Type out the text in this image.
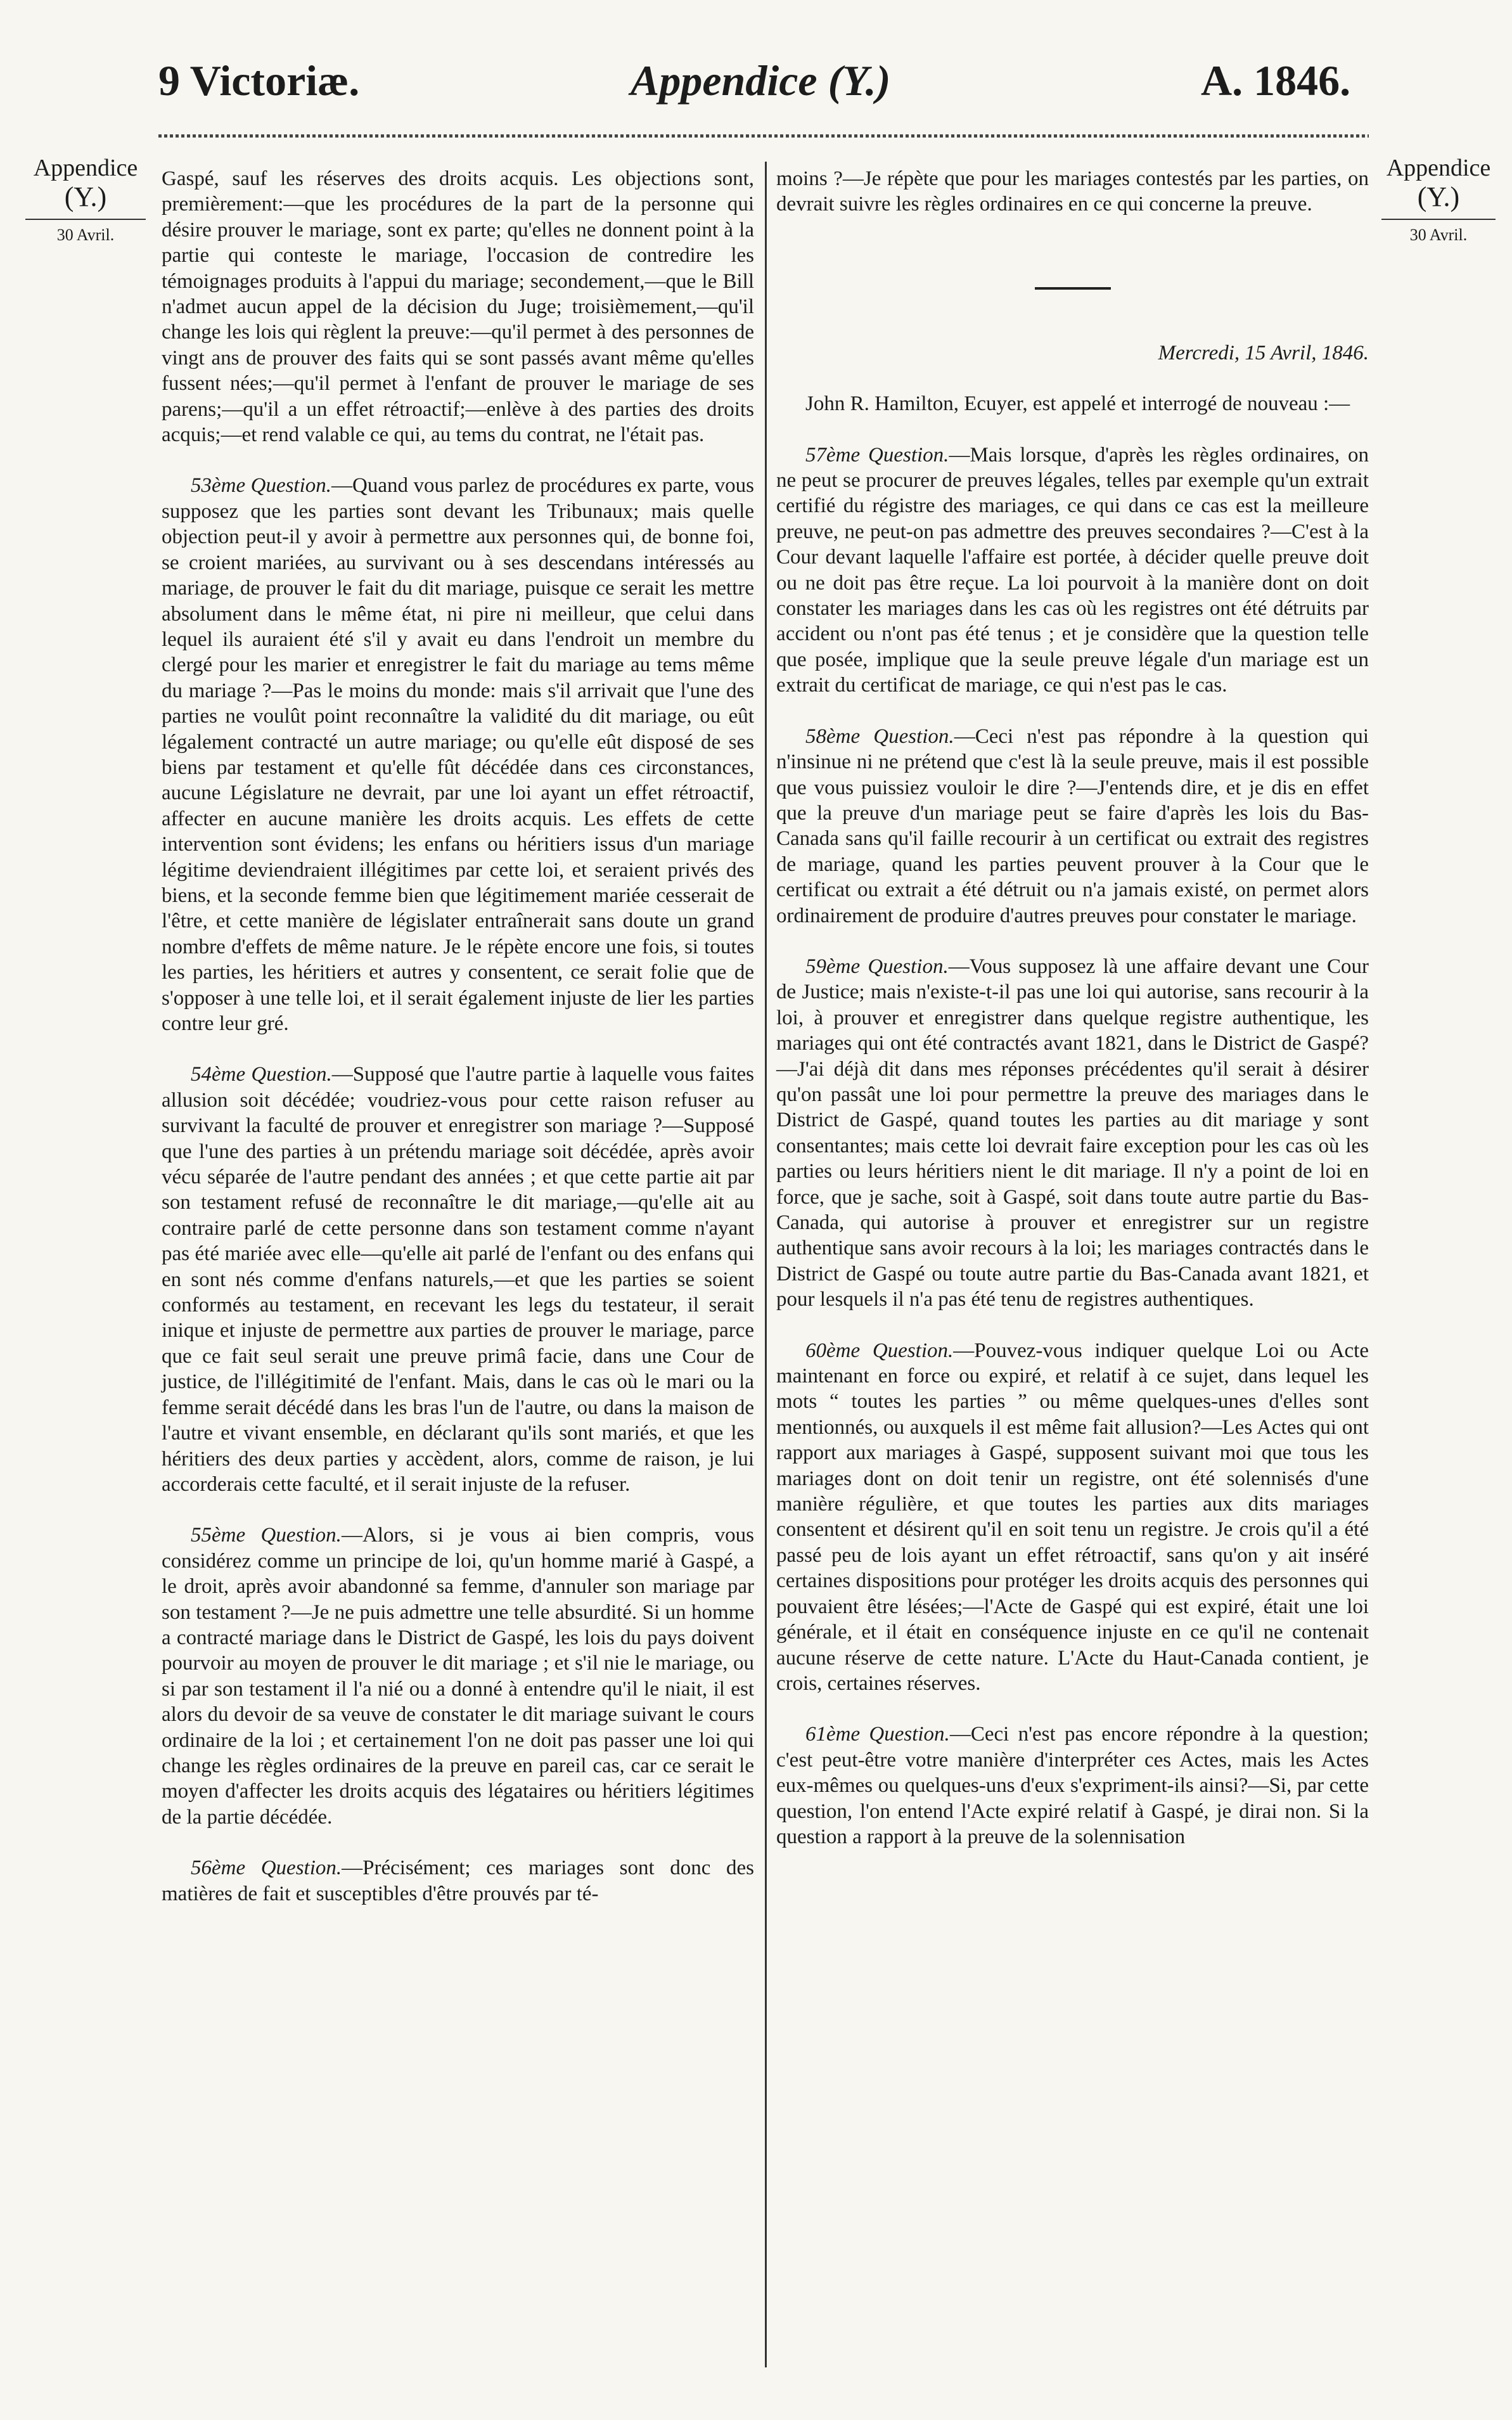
9 Victoriæ.	Appendice (Y.)	A. 1846.
Appendice
(Y.)
30 Avril.
Appendice
(Y.)
30 Avril.

Gaspé, sauf les réserves des droits acquis. Les objections sont, premièrement:—que les procédures de la part de la personne qui désire prouver le mariage, sont ex parte; qu'elles ne donnent point à la partie qui conteste le mariage, l'occasion de contredire les témoignages produits à l'appui du mariage; secondement,—que le Bill n'admet aucun appel de la décision du Juge; troisièmement,—qu'il change les lois qui règlent la preuve:—qu'il permet à des personnes de vingt ans de prouver des faits qui se sont passés avant même qu'elles fussent nées;—qu'il permet à l'enfant de prouver le mariage de ses parens;—qu'il a un effet rétroactif;—enlève à des parties des droits acquis;—et rend valable ce qui, au tems du contrat, ne l'était pas.

53ème Question.—Quand vous parlez de procédures ex parte, vous supposez que les parties sont devant les Tribunaux; mais quelle objection peut-il y avoir à permettre aux personnes qui, de bonne foi, se croient mariées, au survivant ou à ses descendans intéressés au mariage, de prouver le fait du dit mariage, puisque ce serait les mettre absolument dans le même état, ni pire ni meilleur, que celui dans lequel ils auraient été s'il y avait eu dans l'endroit un membre du clergé pour les marier et enregistrer le fait du mariage au tems même du mariage ?—Pas le moins du monde: mais s'il arrivait que l'une des parties ne voulût point reconnaître la validité du dit mariage, ou eût légalement contracté un autre mariage; ou qu'elle eût disposé de ses biens par testament et qu'elle fût décédée dans ces circonstances, aucune Législature ne devrait, par une loi ayant un effet rétroactif, affecter en aucune manière les droits acquis. Les effets de cette intervention sont évidens; les enfans ou héritiers issus d'un mariage légitime deviendraient illégitimes par cette loi, et seraient privés des biens, et la seconde femme bien que légitimement mariée cesserait de l'être, et cette manière de législater entraînerait sans doute un grand nombre d'effets de même nature. Je le répète encore une fois, si toutes les parties, les héritiers et autres y consentent, ce serait folie que de s'opposer à une telle loi, et il serait également injuste de lier les parties contre leur gré.

54ème Question.—Supposé que l'autre partie à laquelle vous faites allusion soit décédée; voudriez-vous pour cette raison refuser au survivant la faculté de prouver et enregistrer son mariage ?—Supposé que l'une des parties à un prétendu mariage soit décédée, après avoir vécu séparée de l'autre pendant des années ; et que cette partie ait par son testament refusé de reconnaître le dit mariage,—qu'elle ait au contraire parlé de cette personne dans son testament comme n'ayant pas été mariée avec elle—qu'elle ait parlé de l'enfant ou des enfans qui en sont nés comme d'enfans naturels,—et que les parties se soient conformés au testament, en recevant les legs du testateur, il serait inique et injuste de permettre aux parties de prouver le mariage, parce que ce fait seul serait une preuve primâ facie, dans une Cour de justice, de l'illégitimité de l'enfant. Mais, dans le cas où le mari ou la femme serait décédé dans les bras l'un de l'autre, ou dans la maison de l'autre et vivant ensemble, en déclarant qu'ils sont mariés, et que les héritiers des deux parties y accèdent, alors, comme de raison, je lui accorderais cette faculté, et il serait injuste de la refuser.

55ème Question.—Alors, si je vous ai bien compris, vous considérez comme un principe de loi, qu'un homme marié à Gaspé, a le droit, après avoir abandonné sa femme, d'annuler son mariage par son testament ?—Je ne puis admettre une telle absurdité. Si un homme a contracté mariage dans le District de Gaspé, les lois du pays doivent pourvoir au moyen de prouver le dit mariage ; et s'il nie le mariage, ou si par son testament il l'a nié ou a donné à entendre qu'il le niait, il est alors du devoir de sa veuve de constater le dit mariage suivant le cours ordinaire de la loi ; et certainement l'on ne doit pas passer une loi qui change les règles ordinaires de la preuve en pareil cas, car ce serait le moyen d'affecter les droits acquis des légataires ou héritiers légitimes de la partie décédée.

56ème Question.—Précisément; ces mariages sont donc des matières de fait et susceptibles d'être prouvés par té-

moins ?—Je répète que pour les mariages contestés par les parties, on devrait suivre les règles ordinaires en ce qui concerne la preuve.

Mercredi, 15 Avril, 1846.

John R. Hamilton, Ecuyer, est appelé et interrogé de nouveau :—

57ème Question.—Mais lorsque, d'après les règles ordinaires, on ne peut se procurer de preuves légales, telles par exemple qu'un extrait certifié du régistre des mariages, ce qui dans ce cas est la meilleure preuve, ne peut-on pas admettre des preuves secondaires ?—C'est à la Cour devant laquelle l'affaire est portée, à décider quelle preuve doit ou ne doit pas être reçue. La loi pourvoit à la manière dont on doit constater les mariages dans les cas où les registres ont été détruits par accident ou n'ont pas été tenus ; et je considère que la question telle que posée, implique que la seule preuve légale d'un mariage est un extrait du certificat de mariage, ce qui n'est pas le cas.

58ème Question.—Ceci n'est pas répondre à la question qui n'insinue ni ne prétend que c'est là la seule preuve, mais il est possible que vous puissiez vouloir le dire ?—J'entends dire, et je dis en effet que la preuve d'un mariage peut se faire d'après les lois du Bas-Canada sans qu'il faille recourir à un certificat ou extrait des registres de mariage, quand les parties peuvent prouver à la Cour que le certificat ou extrait a été détruit ou n'a jamais existé, on permet alors ordinairement de produire d'autres preuves pour constater le mariage.

59ème Question.—Vous supposez là une affaire devant une Cour de Justice; mais n'existe-t-il pas une loi qui autorise, sans recourir à la loi, à prouver et enregistrer dans quelque registre authentique, les mariages qui ont été contractés avant 1821, dans le District de Gaspé?—J'ai déjà dit dans mes réponses précédentes qu'il serait à désirer qu'on passât une loi pour permettre la preuve des mariages dans le District de Gaspé, quand toutes les parties au dit mariage y sont consentantes; mais cette loi devrait faire exception pour les cas où les parties ou leurs héritiers nient le dit mariage. Il n'y a point de loi en force, que je sache, soit à Gaspé, soit dans toute autre partie du Bas-Canada, qui autorise à prouver et enregistrer sur un registre authentique sans avoir recours à la loi; les mariages contractés dans le District de Gaspé ou toute autre partie du Bas-Canada avant 1821, et pour lesquels il n'a pas été tenu de registres authentiques.

60ème Question.—Pouvez-vous indiquer quelque Loi ou Acte maintenant en force ou expiré, et relatif à ce sujet, dans lequel les mots “ toutes les parties ” ou même quelques-unes d'elles sont mentionnés, ou auxquels il est même fait allusion?—Les Actes qui ont rapport aux mariages à Gaspé, supposent suivant moi que tous les mariages dont on doit tenir un registre, ont été solennisés d'une manière régulière, et que toutes les parties aux dits mariages consentent et désirent qu'il en soit tenu un registre. Je crois qu'il a été passé peu de lois ayant un effet rétroactif, sans qu'on y ait inséré certaines dispositions pour protéger les droits acquis des personnes qui pouvaient être lésées;—l'Acte de Gaspé qui est expiré, était une loi générale, et il était en conséquence injuste en ce qu'il ne contenait aucune réserve de cette nature. L'Acte du Haut-Canada contient, je crois, certaines réserves.

61ème Question.—Ceci n'est pas encore répondre à la question; c'est peut-être votre manière d'interpréter ces Actes, mais les Actes eux-mêmes ou quelques-uns d'eux s'expriment-ils ainsi?—Si, par cette question, l'on entend l'Acte expiré relatif à Gaspé, je dirai non. Si la question a rapport à la preuve de la solennisation
